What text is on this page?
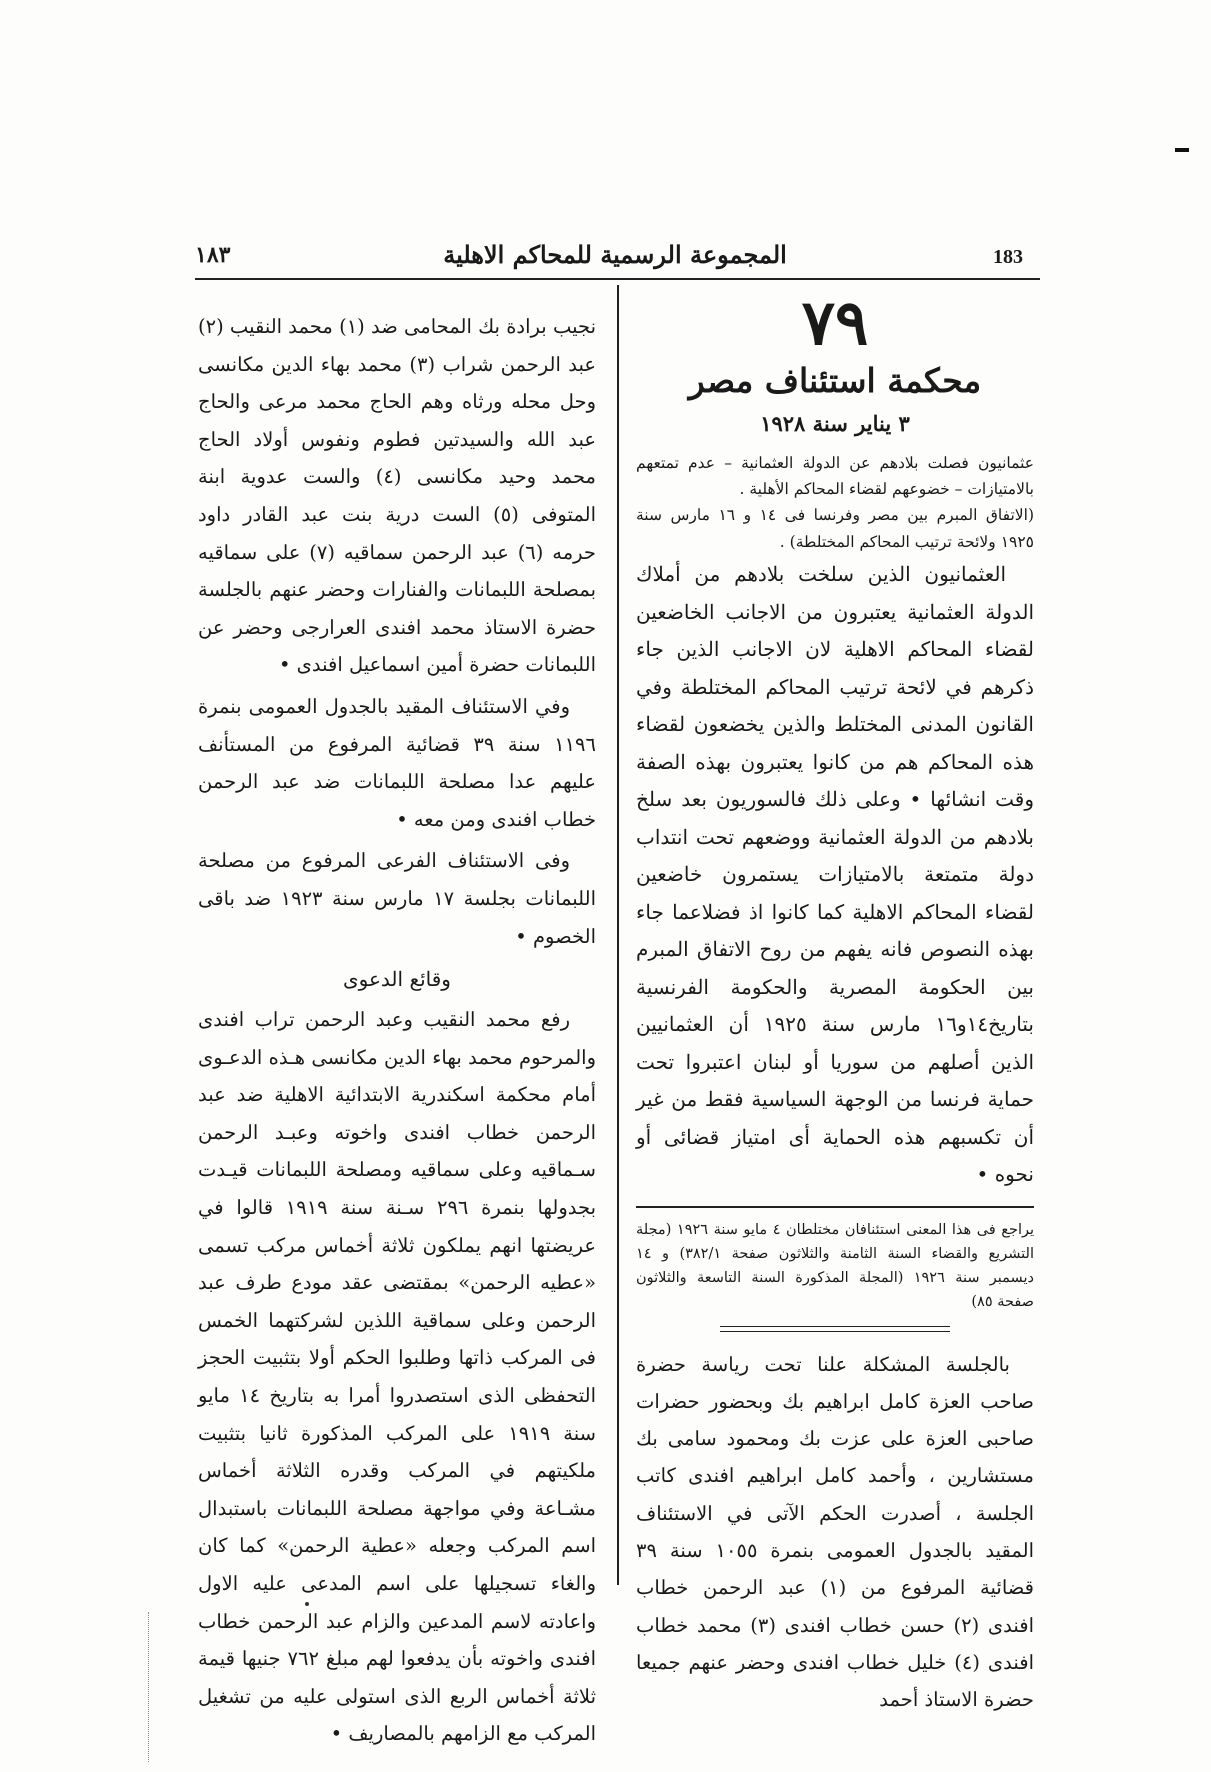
١٨٣	المجموعة الرسمية للمحاكم الاهلية	183
٧٩
محكمة استئناف مصر
٣ يناير سنة ١٩٢٨

عثمانيون فصلت بلادهم عن الدولة العثمانية – عدم تمتعهم بالامتيازات – خضوعهم لقضاء المحاكم الأهلية .

(الاتفاق المبرم بين مصر وفرنسا فى ١٤ و ١٦ مارس سنة ١٩٢٥ ولائحة ترتيب المحاكم المختلطة) .

العثمانيون الذين سلخت بلادهم من أملاك الدولة العثمانية يعتبرون من الاجانب الخاضعين لقضاء المحاكم الاهلية لان الاجانب الذين جاء ذكرهم في لائحة ترتيب المحاكم المختلطة وفي القانون المدنى المختلط والذين يخضعون لقضاء هذه المحاكم هم من كانوا يعتبرون بهذه الصفة وقت انشائها • وعلى ذلك فالسوريون بعد سلخ بلادهم من الدولة العثمانية ووضعهم تحت انتداب دولة متمتعة بالامتيازات يستمرون خاضعين لقضاء المحاكم الاهلية كما كانوا اذ فضلاعما جاء بهذه النصوص فانه يفهم من روح الاتفاق المبرم بين الحكومة المصرية والحكومة الفرنسية بتاريخ١٤و١٦ مارس سنة ١٩٢٥ أن العثمانيين الذين أصلهم من سوريا أو لبنان اعتبروا تحت حماية فرنسا من الوجهة السياسية فقط من غير أن تكسبهم هذه الحماية أى امتياز قضائى أو نحوه •

يراجع فى هذا المعنى استئنافان مختلطان ٤ مايو سنة ١٩٢٦ (مجلة التشريع والقضاء السنة الثامنة والثلاثون صفحة ٣٨٢/١) و ١٤ ديسمبر سنة ١٩٢٦ (المجلة المذكورة السنة التاسعة والثلاثون صفحة ٨٥)

بالجلسة المشكلة علنا تحت رياسة حضرة صاحب العزة كامل ابراهيم بك وبحضور حضرات صاحبى العزة على عزت بك ومحمود سامى بك مستشارين ، وأحمد كامل ابراهيم افندى كاتب الجلسة ، أصدرت الحكم الآتى في الاستئناف المقيد بالجدول العمومى بنمرة ١٠٥٥ سنة ٣٩ قضائية المرفوع من (١) عبد الرحمن خطاب افندى (٢) حسن خطاب افندى (٣) محمد خطاب افندى (٤) خليل خطاب افندى وحضر عنهم جميعا حضرة الاستاذ أحمد

نجيب برادة بك المحامى ضد (١) محمد النقيب (٢) عبد الرحمن شراب (٣) محمد بهاء الدين مكانسى وحل محله ورثاه وهم الحاج محمد مرعى والحاج عبد الله والسيدتين فطوم ونفوس أولاد الحاج محمد وحيد مكانسى (٤) والست عدوية ابنة المتوفى (٥) الست درية بنت عبد القادر داود حرمه (٦) عبد الرحمن سماقيه (٧) على سماقيه بمصلحة اللبمانات والفنارات وحضر عنهم بالجلسة حضرة الاستاذ محمد افندى العرارجى وحضر عن اللبمانات حضرة أمين اسماعيل افندى •

وفي الاستئناف المقيد بالجدول العمومى بنمرة ١١٩٦ سنة ٣٩ قضائية المرفوع من المستأنف عليهم عدا مصلحة اللبمانات ضد عبد الرحمن خطاب افندى ومن معه •

وفى الاستئناف الفرعى المرفوع من مصلحة اللبمانات بجلسة ١٧ مارس سنة ١٩٢٣ ضد باقى الخصوم •

وقائع الدعوى

رفع محمد النقيب وعبد الرحمن تراب افندى والمرحوم محمد بهاء الدين مكانسى هـذه الدعـوى أمام محكمة اسكندرية الابتدائية الاهلية ضد عبد الرحمن خطاب افندى واخوته وعبـد الرحمن سـماقيه وعلى سماقيه ومصلحة اللبمانات قيـدت بجدولها بنمرة ٢٩٦ سـنة سنة ١٩١٩ قالوا في عريضتها انهم يملكون ثلاثة أخماس مركب تسمى «عطيه الرحمن» بمقتضى عقد مودع طرف عبد الرحمن وعلى سماقية اللذين لشركتهما الخمس فى المركب ذاتها وطلبوا الحكم أولا بتثبيت الحجز التحفظى الذى استصدروا أمرا به بتاريخ ١٤ مايو سنة ١٩١٩ على المركب المذكورة ثانيا بتثبيت ملكيتهم في المركب وقدره الثلاثة أخماس مشـاعة وفي مواجهة مصلحة اللبمانات باستبدال اسم المركب وجعله «عطية الرحمن» كما كان والغاء تسجيلها على اسم المدعى عليه الاول واعادته لاسم المدعين والزام عبد الرحمن خطاب افندى واخوته بأن يدفعوا لهم مبلغ ٧٦٢ جنيها قيمة ثلاثة أخماس الربع الذى استولى عليه من تشغيل المركب مع الزامهم بالمصاريف •
